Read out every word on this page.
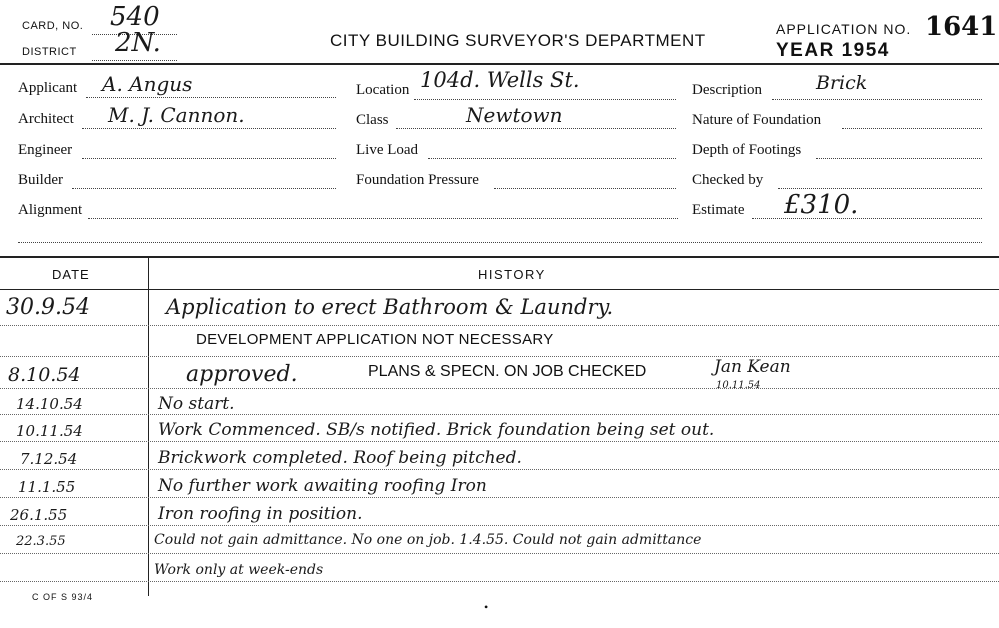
CARD, NO. 540
DISTRICT 2N.	CITY BUILDING SURVEYOR'S DEPARTMENT
APPLICATION NO. 1641
YEAR 1954
Applicant A. Angus
Architect M. J. Cannon.
Engineer
Builder
Alignment
Location 104d. Wells St.
Class	Newtown
Live Load
Foundation Pressure
Description	Brick
Nature of Foundation
Depth of Footings
Checked by
Estimate £310.
DATE	HISTORY
30.9.54	Application to erect Bathroom & Laundry.
DEVELOPMENT APPLICATION NOT NECESSARY
8.10.54	approved.	PLANS & SPECN. ON JOB CHECKED	Jan Kean
10.11.54
14.10.54	No start.
10.11.54	Work Commenced. SB/s notified. Brick foundation being set out.
7.12.54	Brickwork completed. Roof being pitched.
11.1.55	No further work awaiting roofing Iron
26.1.55	Iron roofing in position.
22.3.55	Could not gain admittance. No one on job. 1.4.55. Could not gain admittance
Work only at week-ends
C OF S 93/4
•
